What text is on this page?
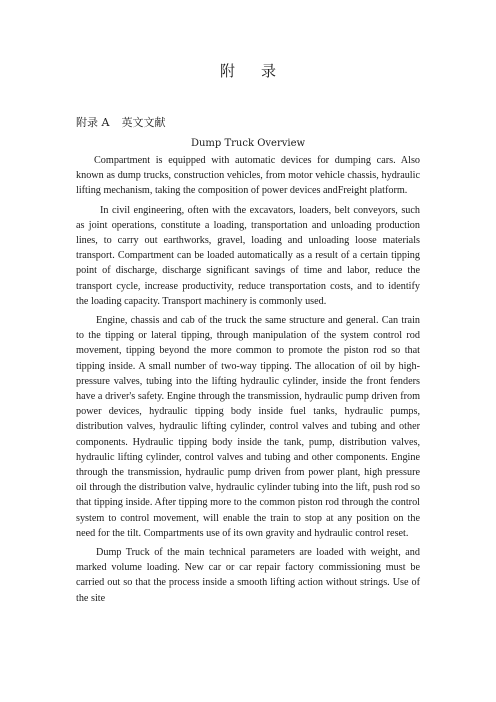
附 录
附录 A 英文文献
Dump Truck Overview

Compartment is equipped with automatic devices for dumping cars. Also known as dump trucks, construction vehicles, from motor vehicle chassis, hydraulic lifting mechanism, taking the composition of power devices andFreight platform.

In civil engineering, often with the excavators, loaders, belt conveyors, such as joint operations, constitute a loading, transportation and unloading production lines, to carry out earthworks, gravel, loading and unloading loose materials transport. Compartment can be loaded automatically as a result of a certain tipping point of discharge, discharge significant savings of time and labor, reduce the transport cycle, increase productivity, reduce transportation costs, and to identify the loading capacity. Transport machinery is commonly used.

Engine, chassis and cab of the truck the same structure and general. Can train to the tipping or lateral tipping, through manipulation of the system control rod movement, tipping beyond the more common to promote the piston rod so that tipping inside. A small number of two-way tipping. The allocation of oil by high-pressure valves, tubing into the lifting hydraulic cylinder, inside the front fenders have a driver's safety. Engine through the transmission, hydraulic pump driven from power devices, hydraulic tipping body inside fuel tanks, hydraulic pumps, distribution valves, hydraulic lifting cylinder, control valves and tubing and other components. Hydraulic tipping body inside the tank, pump, distribution valves, hydraulic lifting cylinder, control valves and tubing and other components. Engine through the transmission, hydraulic pump driven from power plant, high pressure oil through the distribution valve, hydraulic cylinder tubing into the lift, push rod so that tipping inside. After tipping more to the common piston rod through the control system to control movement, will enable the train to stop at any position on the need for the tilt. Compartments use of its own gravity and hydraulic control reset.

Dump Truck of the main technical parameters are loaded with weight, and marked volume loading. New car or car repair factory commissioning must be carried out so that the process inside a smooth lifting action without strings. Use of the site
